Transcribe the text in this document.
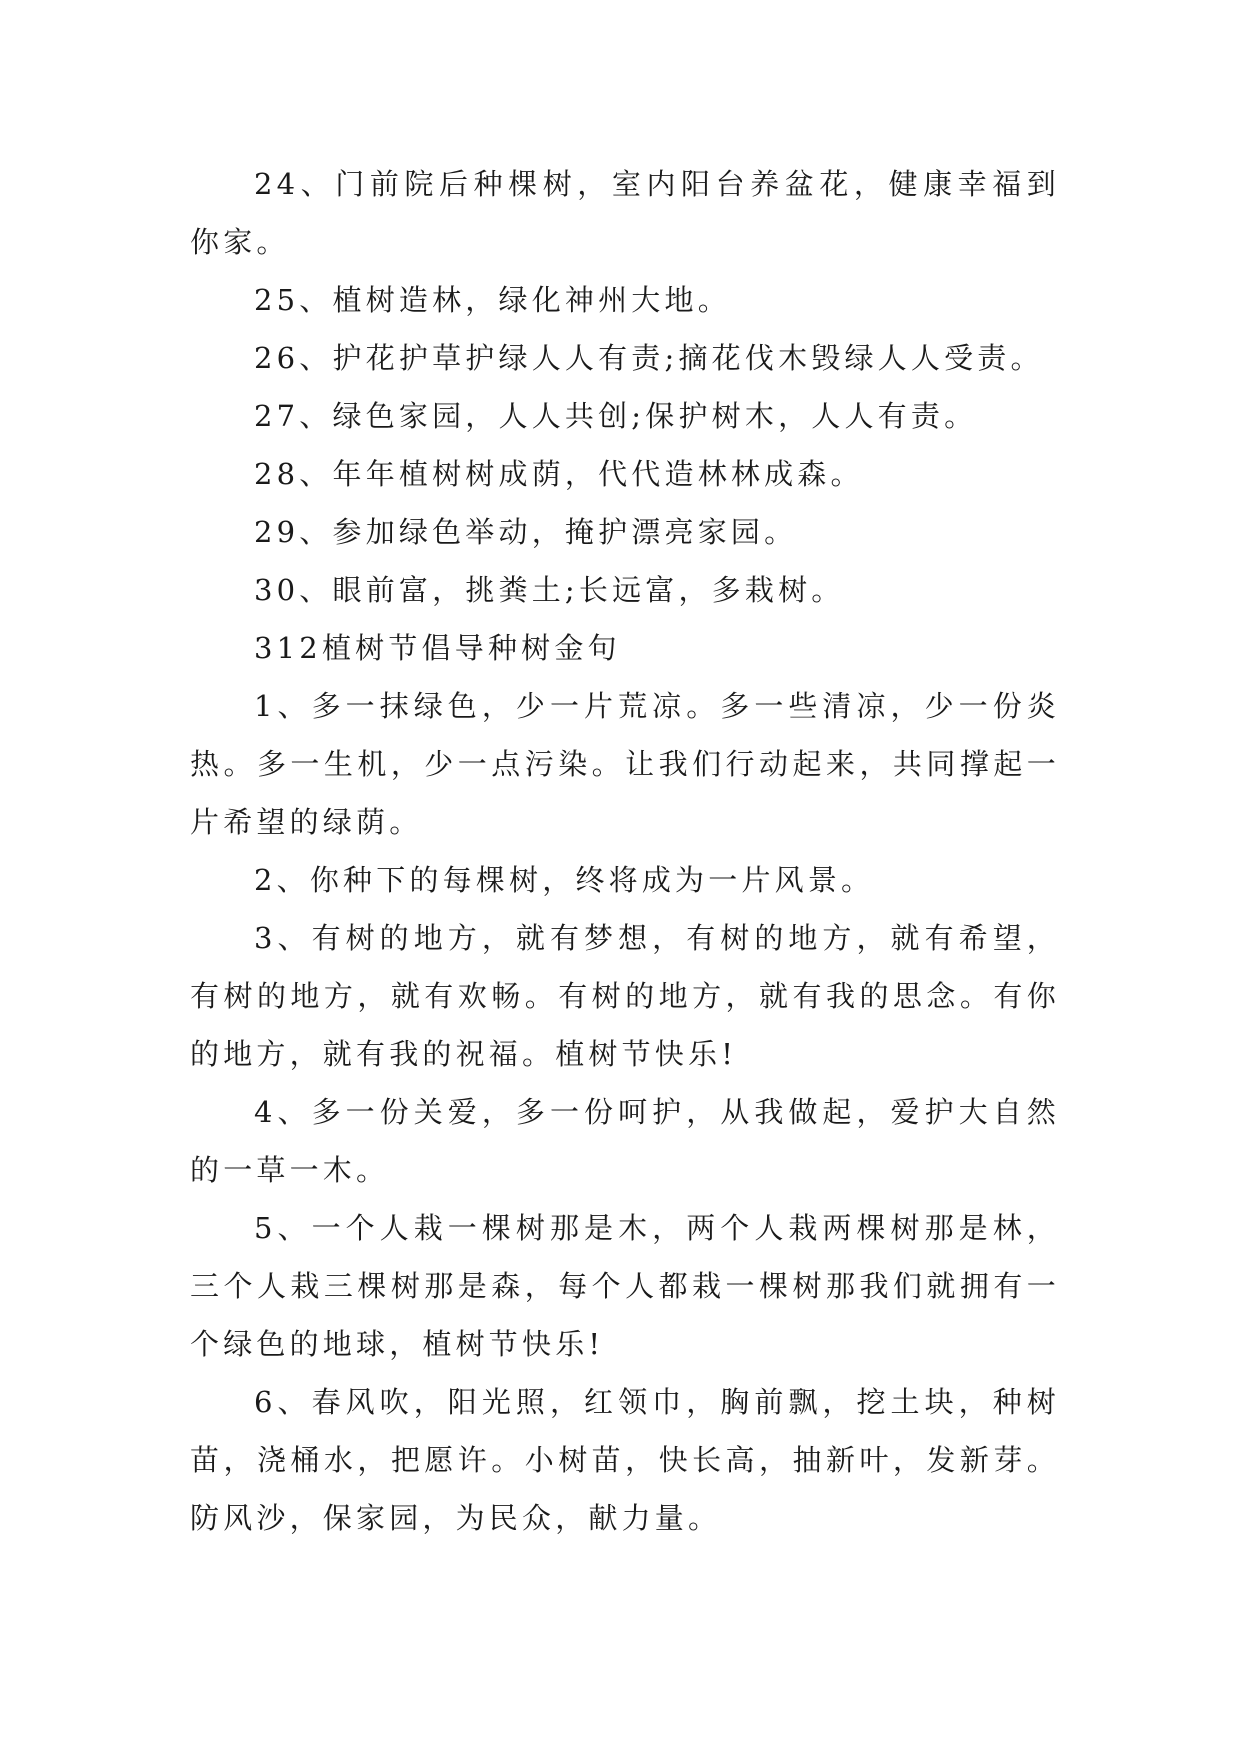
24、门前院后种棵树，室内阳台养盆花，健康幸福到你家。

25、植树造林，绿化神州大地。

26、护花护草护绿人人有责;摘花伐木毁绿人人受责。

27、绿色家园，人人共创;保护树木，人人有责。

28、年年植树树成荫，代代造林林成森。

29、参加绿色举动，掩护漂亮家园。

30、眼前富，挑粪土;长远富，多栽树。

312植树节倡导种树金句

1、多一抹绿色，少一片荒凉。多一些清凉，少一份炎热。多一生机，少一点污染。让我们行动起来，共同撑起一片希望的绿荫。

2、你种下的每棵树，终将成为一片风景。

3、有树的地方，就有梦想，有树的地方，就有希望，有树的地方，就有欢畅。有树的地方，就有我的思念。有你的地方，就有我的祝福。植树节快乐!

4、多一份关爱，多一份呵护，从我做起，爱护大自然的一草一木。

5、一个人栽一棵树那是木，两个人栽两棵树那是林，三个人栽三棵树那是森，每个人都栽一棵树那我们就拥有一个绿色的地球，植树节快乐!

6、春风吹，阳光照，红领巾，胸前飘，挖土块，种树苗，浇桶水，把愿许。小树苗，快长高，抽新叶，发新芽。防风沙，保家园，为民众，献力量。
